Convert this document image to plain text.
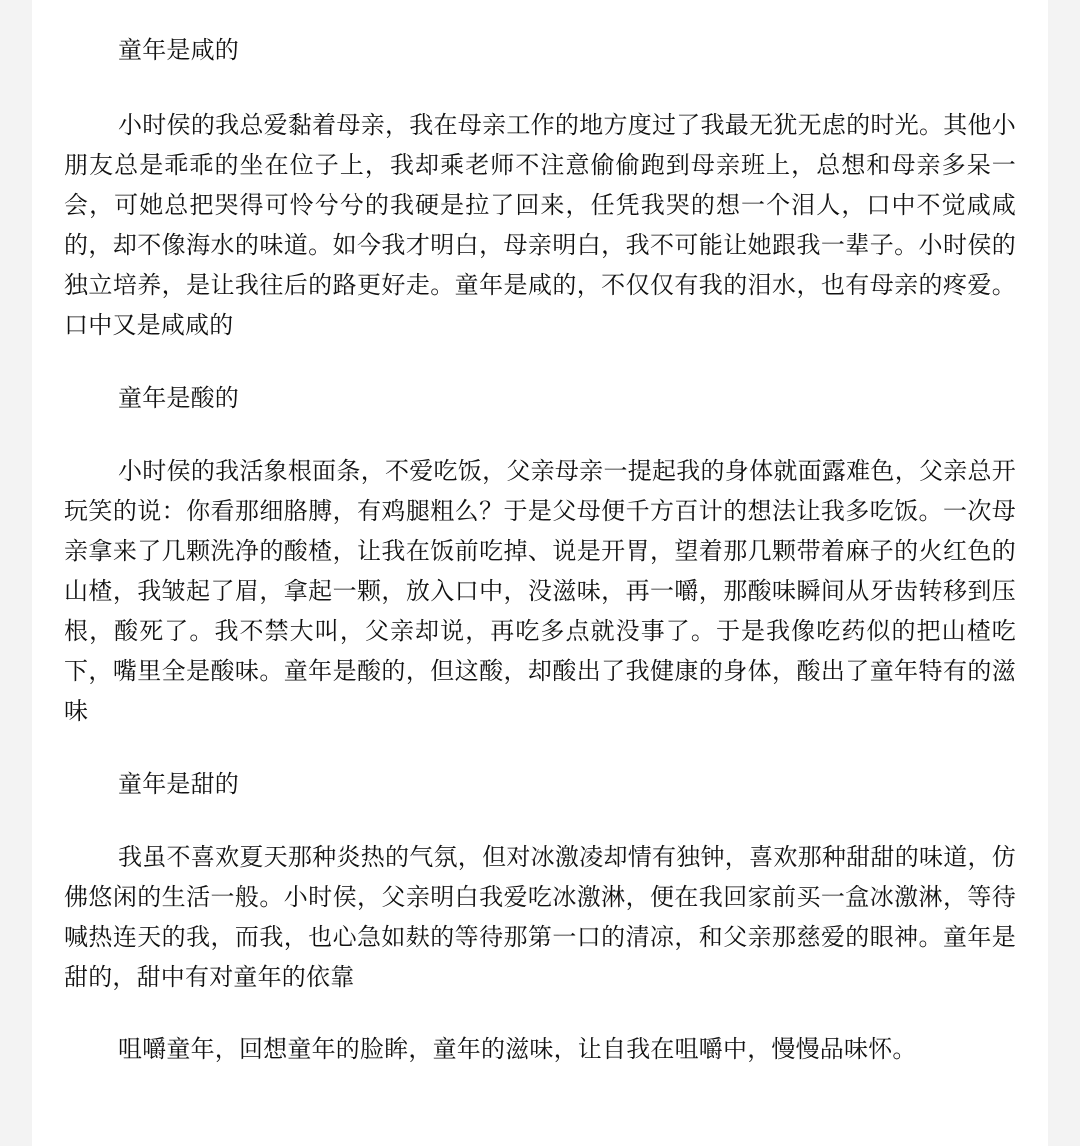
童年是咸的

小时侯的我总爱黏着母亲，我在母亲工作的地方度过了我最无犹无虑的时光。其他小朋友总是乖乖的坐在位子上，我却乘老师不注意偷偷跑到母亲班上，总想和母亲多呆一会，可她总把哭得可怜兮兮的我硬是拉了回来，任凭我哭的想一个泪人，口中不觉咸咸的，却不像海水的味道。如今我才明白，母亲明白，我不可能让她跟我一辈子。小时侯的独立培养，是让我往后的路更好走。童年是咸的，不仅仅有我的泪水，也有母亲的疼爱。口中又是咸咸的

童年是酸的

小时侯的我活象根面条，不爱吃饭，父亲母亲一提起我的身体就面露难色，父亲总开玩笑的说：你看那细胳膊，有鸡腿粗么？于是父母便千方百计的想法让我多吃饭。一次母亲拿来了几颗洗净的酸楂，让我在饭前吃掉、说是开胃，望着那几颗带着麻子的火红色的山楂，我皱起了眉，拿起一颗，放入口中，没滋味，再一嚼，那酸味瞬间从牙齿转移到压根，酸死了。我不禁大叫，父亲却说，再吃多点就没事了。于是我像吃药似的把山楂吃下，嘴里全是酸味。童年是酸的，但这酸，却酸出了我健康的身体，酸出了童年特有的滋味

童年是甜的

我虽不喜欢夏天那种炎热的气氛，但对冰激凌却情有独钟，喜欢那种甜甜的味道，仿佛悠闲的生活一般。小时侯，父亲明白我爱吃冰激淋，便在我回家前买一盒冰激淋，等待喊热连天的我，而我，也心急如麸的等待那第一口的清凉，和父亲那慈爱的眼神。童年是甜的，甜中有对童年的依靠

咀嚼童年，回想童年的脸眸，童年的滋味，让自我在咀嚼中，慢慢品味怀。
